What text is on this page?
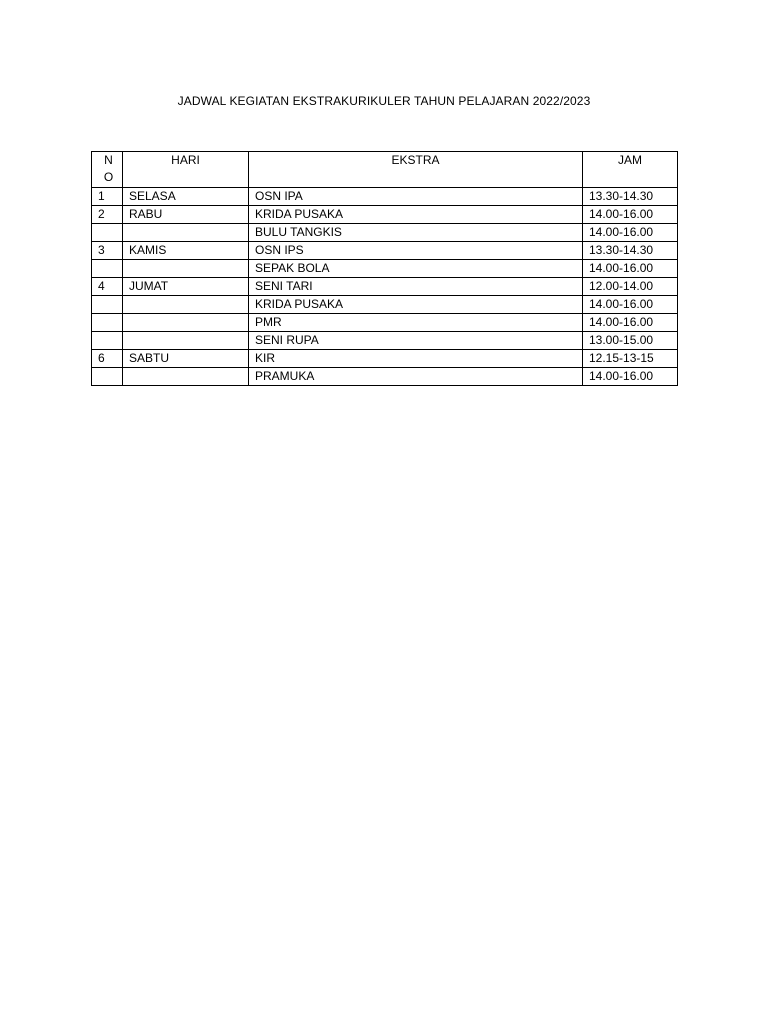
JADWAL KEGIATAN EKSTRAKURIKULER TAHUN PELAJARAN 2022/2023
NO	HARI	EKSTRA	JAM
1	SELASA	OSN IPA	13.30-14.30
2	RABU	KRIDA PUSAKA	14.00-16.00
		BULU TANGKIS	14.00-16.00
3	KAMIS	OSN IPS	13.30-14.30
		SEPAK BOLA	14.00-16.00
4	JUMAT	SENI TARI	12.00-14.00
		KRIDA PUSAKA	14.00-16.00
		PMR	14.00-16.00
		SENI RUPA	13.00-15.00
6	SABTU	KIR	12.15-13-15
		PRAMUKA	14.00-16.00
